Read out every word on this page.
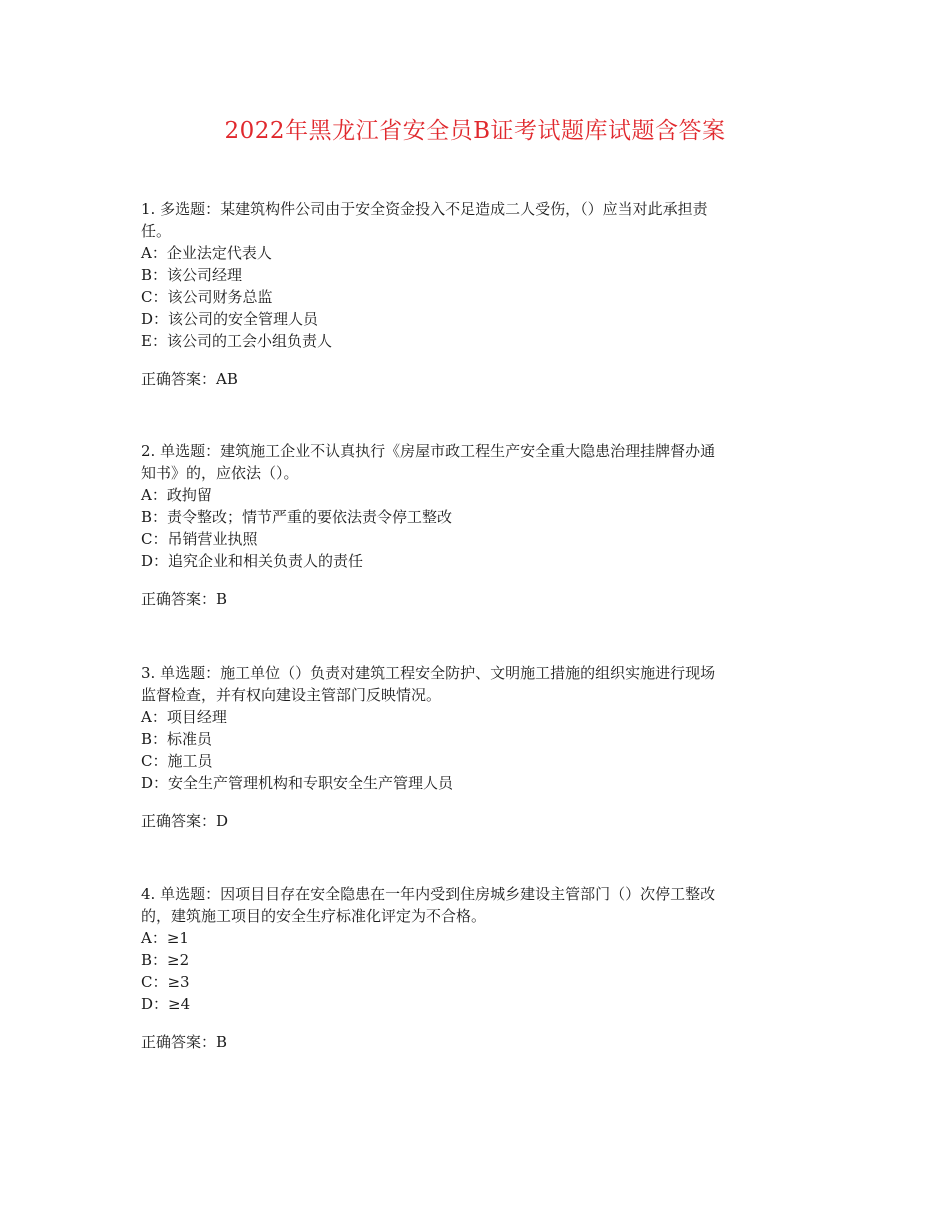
2022年黑龙江省安全员B证考试题库试题含答案
1. 多选题：某建筑构件公司由于安全资金投入不足造成二人受伤，（）应当对此承担责
任。
A：企业法定代表人
B：该公司经理
C：该公司财务总监
D：该公司的安全管理人员
E：该公司的工会小组负责人
正确答案：AB
2. 单选题：建筑施工企业不认真执行《房屋市政工程生产安全重大隐患治理挂牌督办通
知书》的，应依法（）。
A：政拘留
B：责令整改；情节严重的要依法责令停工整改
C：吊销营业执照
D：追究企业和相关负责人的责任
正确答案：B
3. 单选题：施工单位（）负责对建筑工程安全防护、文明施工措施的组织实施进行现场
监督检查，并有权向建设主管部门反映情况。
A：项目经理
B：标准员
C：施工员
D：安全生产管理机构和专职安全生产管理人员
正确答案：D
4. 单选题：因项目目存在安全隐患在一年内受到住房城乡建设主管部门（）次停工整改
的，建筑施工项目的安全生疗标准化评定为不合格。
A：≥1
B：≥2
C：≥3
D：≥4
正确答案：B
